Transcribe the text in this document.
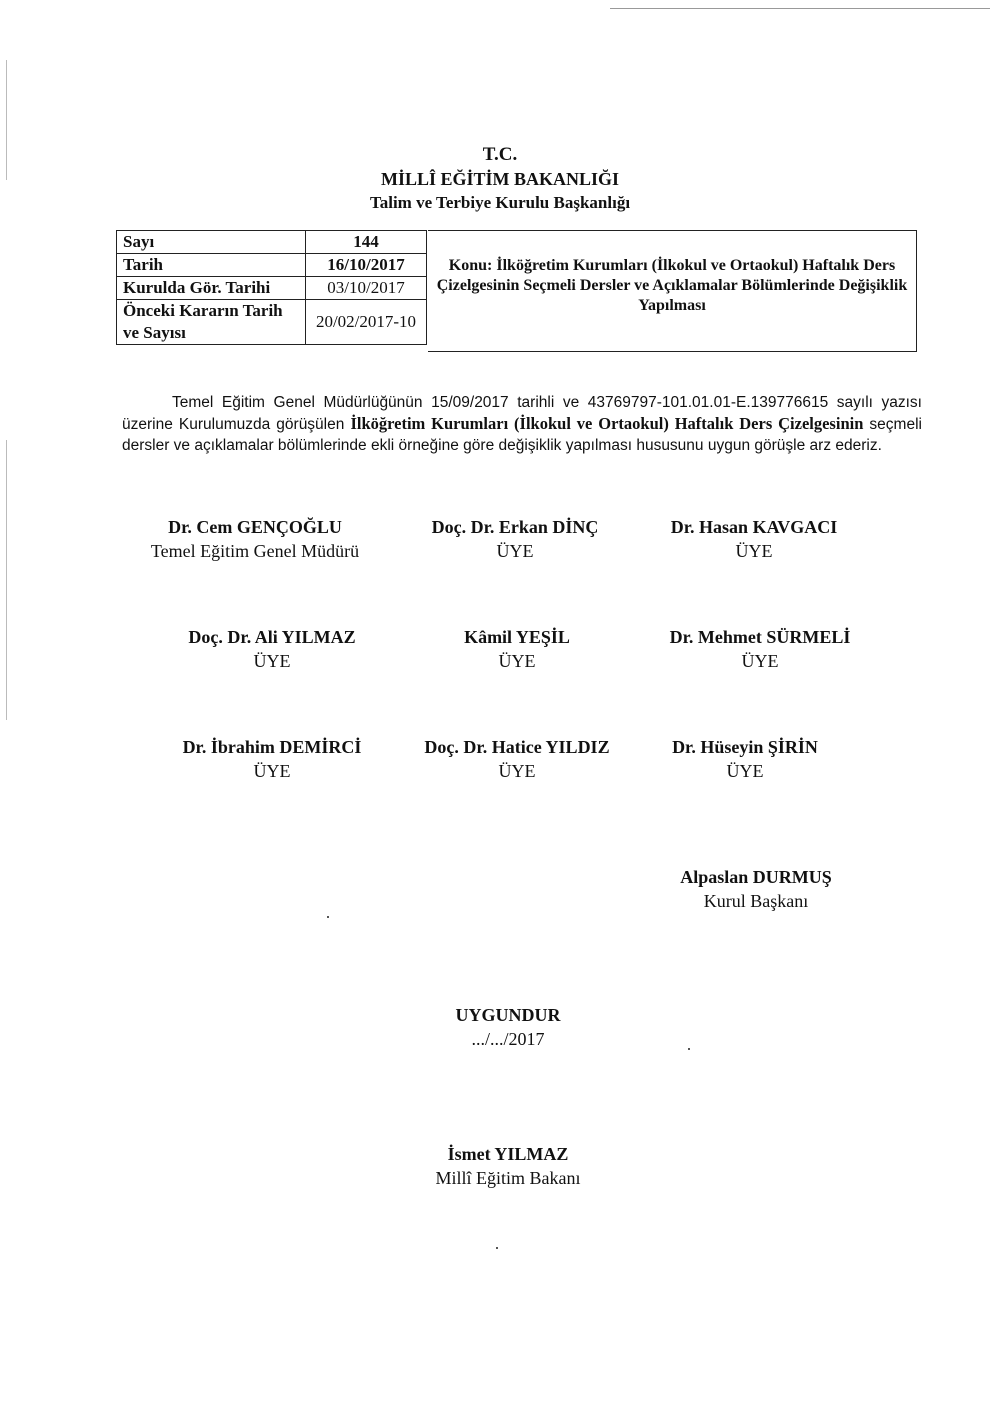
T.C.
MİLLÎ EĞİTİM BAKANLIĞI
Talim ve Terbiye Kurulu Başkanlığı
Sayı	144
Tarih	16/10/2017
Kurulda Gör. Tarihi	03/10/2017
Önceki Kararın Tarih ve Sayısı	20/02/2017-10
Konu: İlköğretim Kurumları (İlkokul ve Ortaokul) Haftalık Ders Çizelgesinin Seçmeli Dersler ve Açıklamalar Bölümlerinde Değişiklik Yapılması
Temel Eğitim Genel Müdürlüğünün 15/09/2017 tarihli ve 43769797-101.01.01-E.139776615 sayılı yazısı üzerine Kurulumuzda görüşülen İlköğretim Kurumları (İlkokul ve Ortaokul) Haftalık Ders Çizelgesinin seçmeli dersler ve açıklamalar bölümlerinde ekli örneğine göre değişiklik yapılması hususunu uygun görüşle arz ederiz.
Dr. Cem GENÇOĞLU
Temel Eğitim Genel Müdürü
Doç. Dr. Erkan DİNÇ
ÜYE
Dr. Hasan KAVGACI
ÜYE
Doç. Dr. Ali YILMAZ
ÜYE
Kâmil YEŞİL
ÜYE
Dr. Mehmet SÜRMELİ
ÜYE
Dr. İbrahim DEMİRCİ
ÜYE
Doç. Dr. Hatice YILDIZ
ÜYE
Dr. Hüseyin ŞİRİN
ÜYE
Alpaslan DURMUŞ
Kurul Başkanı
UYGUNDUR
.../.../2017
İsmet YILMAZ
Millî Eğitim Bakanı
